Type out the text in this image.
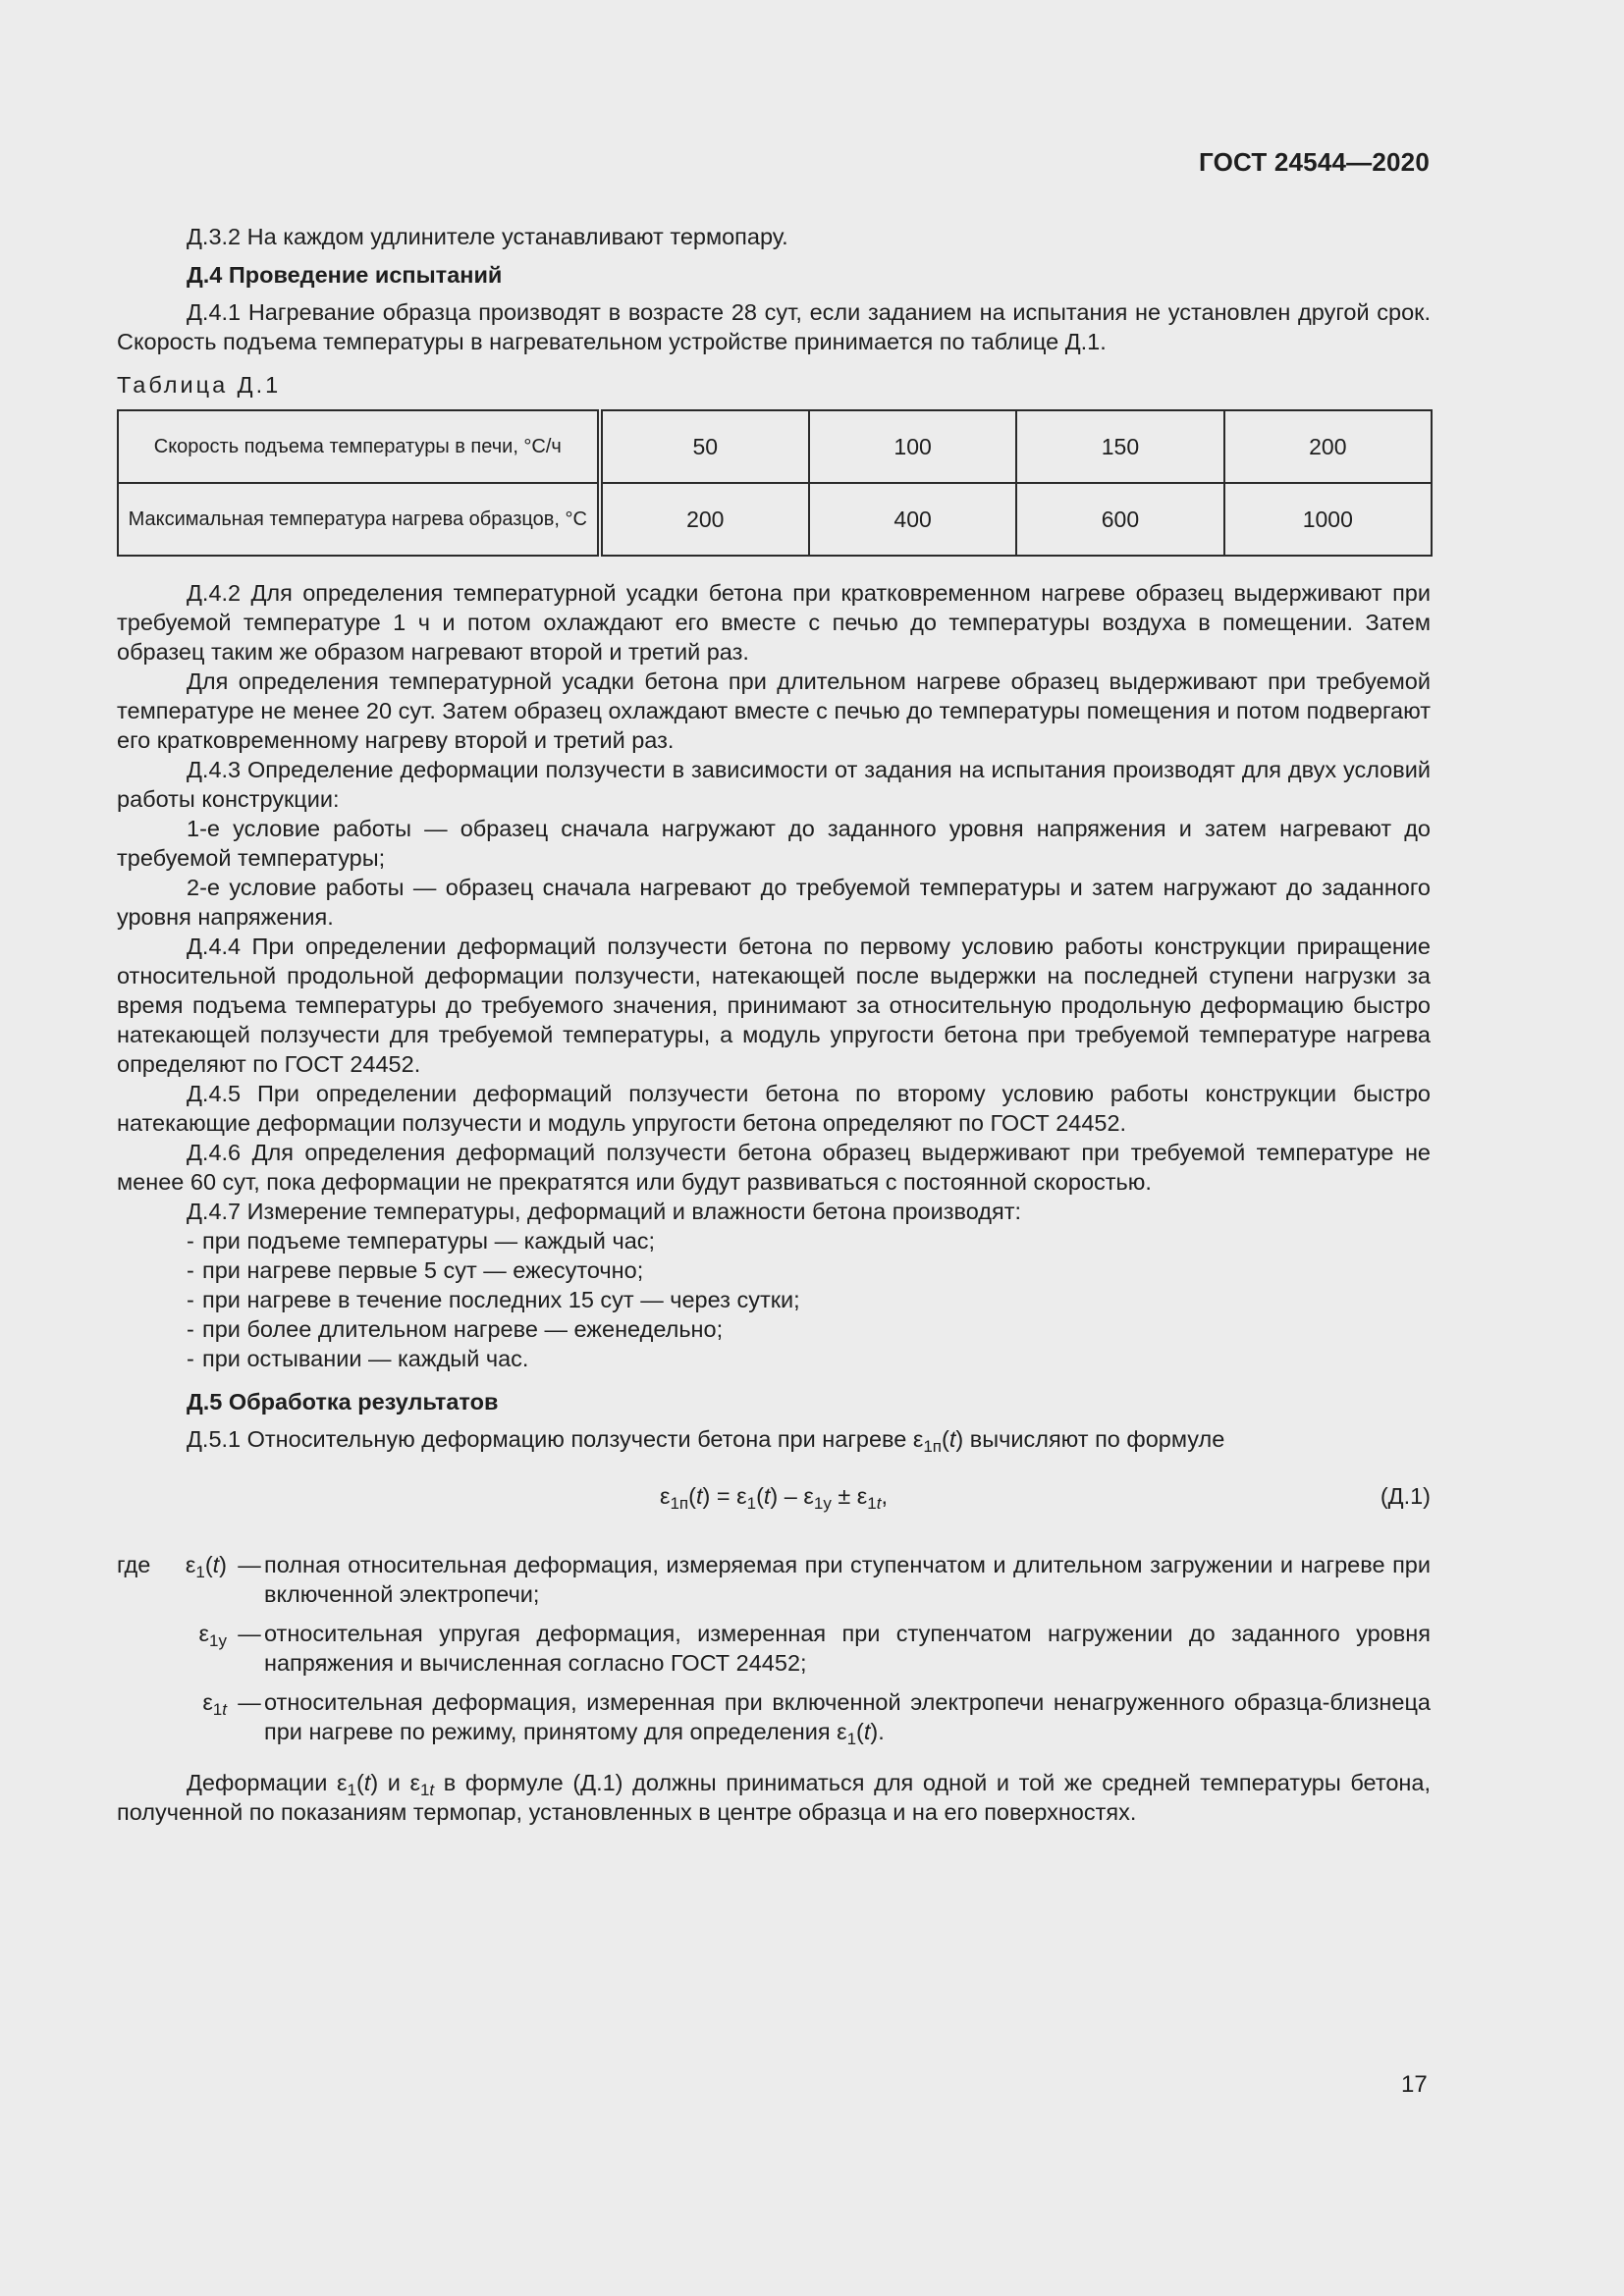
ГОСТ 24544—2020

Д.3.2 На каждом удлинителе устанавливают термопару.

Д.4 Проведение испытаний

Д.4.1 Нагревание образца производят в возрасте 28 сут, если заданием на испытания не установлен другой срок. Скорость подъема температуры в нагревательном устройстве принимается по таблице Д.1.

Таблица Д.1

Скорость подъема температуры в печи, °С/ч	50	100	150	200
Максимальная температура нагрева образцов, °С	200	400	600	1000

Д.4.2 Для определения температурной усадки бетона при кратковременном нагреве образец выдерживают при требуемой температуре 1 ч и потом охлаждают его вместе с печью до температуры воздуха в помещении. Затем образец таким же образом нагревают второй и третий раз.

Для определения температурной усадки бетона при длительном нагреве образец выдерживают при требуемой температуре не менее 20 сут. Затем образец охлаждают вместе с печью до температуры помещения и потом подвергают его кратковременному нагреву второй и третий раз.

Д.4.3 Определение деформации ползучести в зависимости от задания на испытания производят для двух условий работы конструкции:

1-е условие работы — образец сначала нагружают до заданного уровня напряжения и затем нагревают до требуемой температуры;

2-е условие работы — образец сначала нагревают до требуемой температуры и затем нагружают до заданного уровня напряжения.

Д.4.4 При определении деформаций ползучести бетона по первому условию работы конструкции приращение относительной продольной деформации ползучести, натекающей после выдержки на последней ступени нагрузки за время подъема температуры до требуемого значения, принимают за относительную продольную деформацию быстро натекающей ползучести для требуемой температуры, а модуль упругости бетона при требуемой температуре нагрева определяют по ГОСТ 24452.

Д.4.5 При определении деформаций ползучести бетона по второму условию работы конструкции быстро натекающие деформации ползучести и модуль упругости бетона определяют по ГОСТ 24452.

Д.4.6 Для определения деформаций ползучести бетона образец выдерживают при требуемой температуре не менее 60 сут, пока деформации не прекратятся или будут развиваться с постоянной скоростью.

Д.4.7 Измерение температуры, деформаций и влажности бетона производят:

- при подъеме температуры — каждый час;
- при нагреве первые 5 сут — ежесуточно;
- при нагреве в течение последних 15 сут — через сутки;
- при более длительном нагреве — еженедельно;
- при остывании — каждый час.

Д.5 Обработка результатов

Д.5.1 Относительную деформацию ползучести бетона при нагреве $\varepsilon_{1п}(t)$ вычисляют по формуле

$\varepsilon_{1п}(t) = \varepsilon_1(t) - \varepsilon_{1у} \pm \varepsilon_{1t}$,	(Д.1)
где	$\varepsilon_1(t)$ — полная относительная деформация, измеряемая при ступенчатом и длительном загружении и нагреве при включенной электропечи;
$\varepsilon_{1у}$ — относительная упругая деформация, измеренная при ступенчатом нагружении до заданного уровня напряжения и вычисленная согласно ГОСТ 24452;
$\varepsilon_{1t}$ — относительная деформация, измеренная при включенной электропечи ненагруженного образца-близнеца при нагреве по режиму, принятому для определения $\varepsilon_1(t)$.

Деформации $\varepsilon_1(t)$ и $\varepsilon_{1t}$ в формуле (Д.1) должны приниматься для одной и той же средней температуры бетона, полученной по показаниям термопар, установленных в центре образца и на его поверхностях.

17
